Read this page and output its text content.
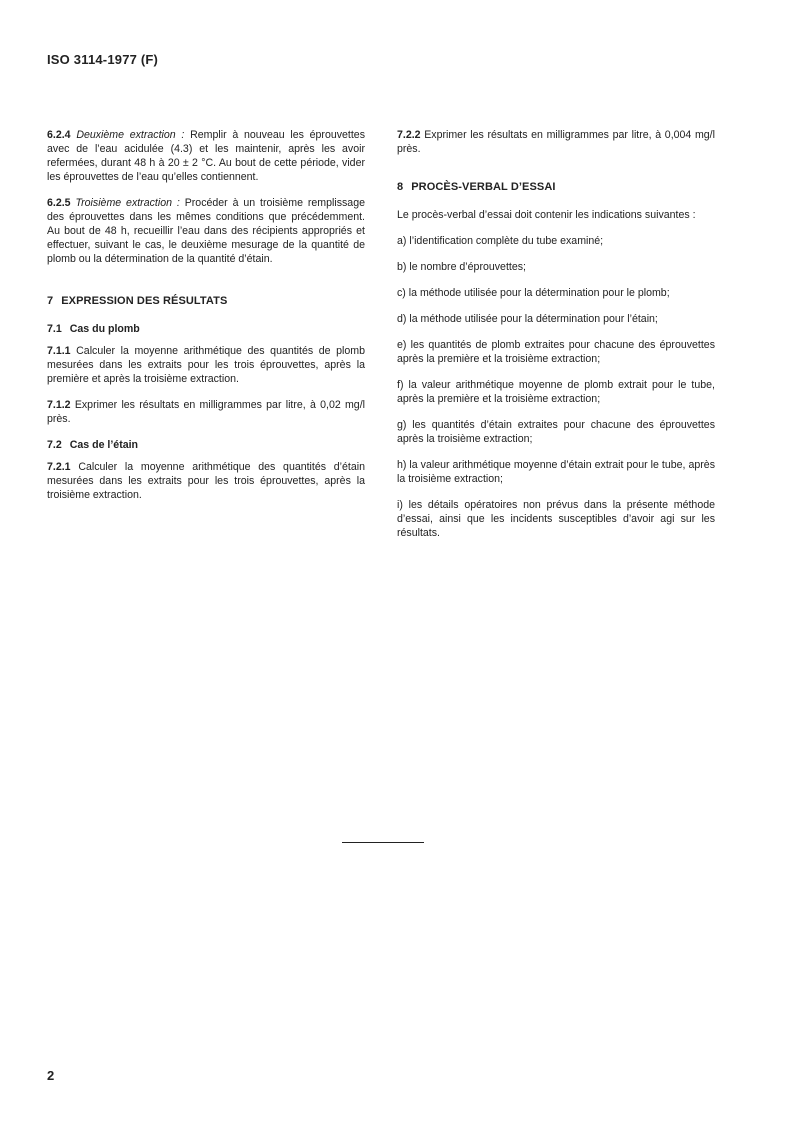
ISO 3114-1977 (F)

6.2.4 Deuxième extraction : Remplir à nouveau les éprouvettes avec de l’eau acidulée (4.3) et les maintenir, après les avoir refermées, durant 48 h à 20 ± 2 °C. Au bout de cette période, vider les éprouvettes de l’eau qu’elles contiennent.

6.2.5 Troisième extraction : Procéder à un troisième remplissage des éprouvettes dans les mêmes conditions que précédemment. Au bout de 48 h, recueillir l’eau dans des récipients appropriés et effectuer, suivant le cas, le deuxième mesurage de la quantité de plomb ou la détermination de la quantité d’étain.

7 EXPRESSION DES RÉSULTATS
7.1 Cas du plomb

7.1.1 Calculer la moyenne arithmétique des quantités de plomb mesurées dans les extraits pour les trois éprouvettes, après la première et après la troisième extraction.

7.1.2 Exprimer les résultats en milligrammes par litre, à 0,02 mg/l près.

7.2 Cas de l’étain

7.2.1 Calculer la moyenne arithmétique des quantités d’étain mesurées dans les extraits pour les trois éprouvettes, après la troisième extraction.

7.2.2 Exprimer les résultats en milligrammes par litre, à 0,004 mg/l près.

8 PROCÈS-VERBAL D’ESSAI

Le procès-verbal d’essai doit contenir les indications suivantes :

a) l’identification complète du tube examiné;

b) le nombre d’éprouvettes;

c) la méthode utilisée pour la détermination pour le plomb;

d) la méthode utilisée pour la détermination pour l’étain;

e) les quantités de plomb extraites pour chacune des éprouvettes après la première et la troisième extraction;

f) la valeur arithmétique moyenne de plomb extrait pour le tube, après la première et la troisième extraction;

g) les quantités d’étain extraites pour chacune des éprouvettes après la troisième extraction;

h) la valeur arithmétique moyenne d’étain extrait pour le tube, après la troisième extraction;

i) les détails opératoires non prévus dans la présente méthode d’essai, ainsi que les incidents susceptibles d’avoir agi sur les résultats.

2
